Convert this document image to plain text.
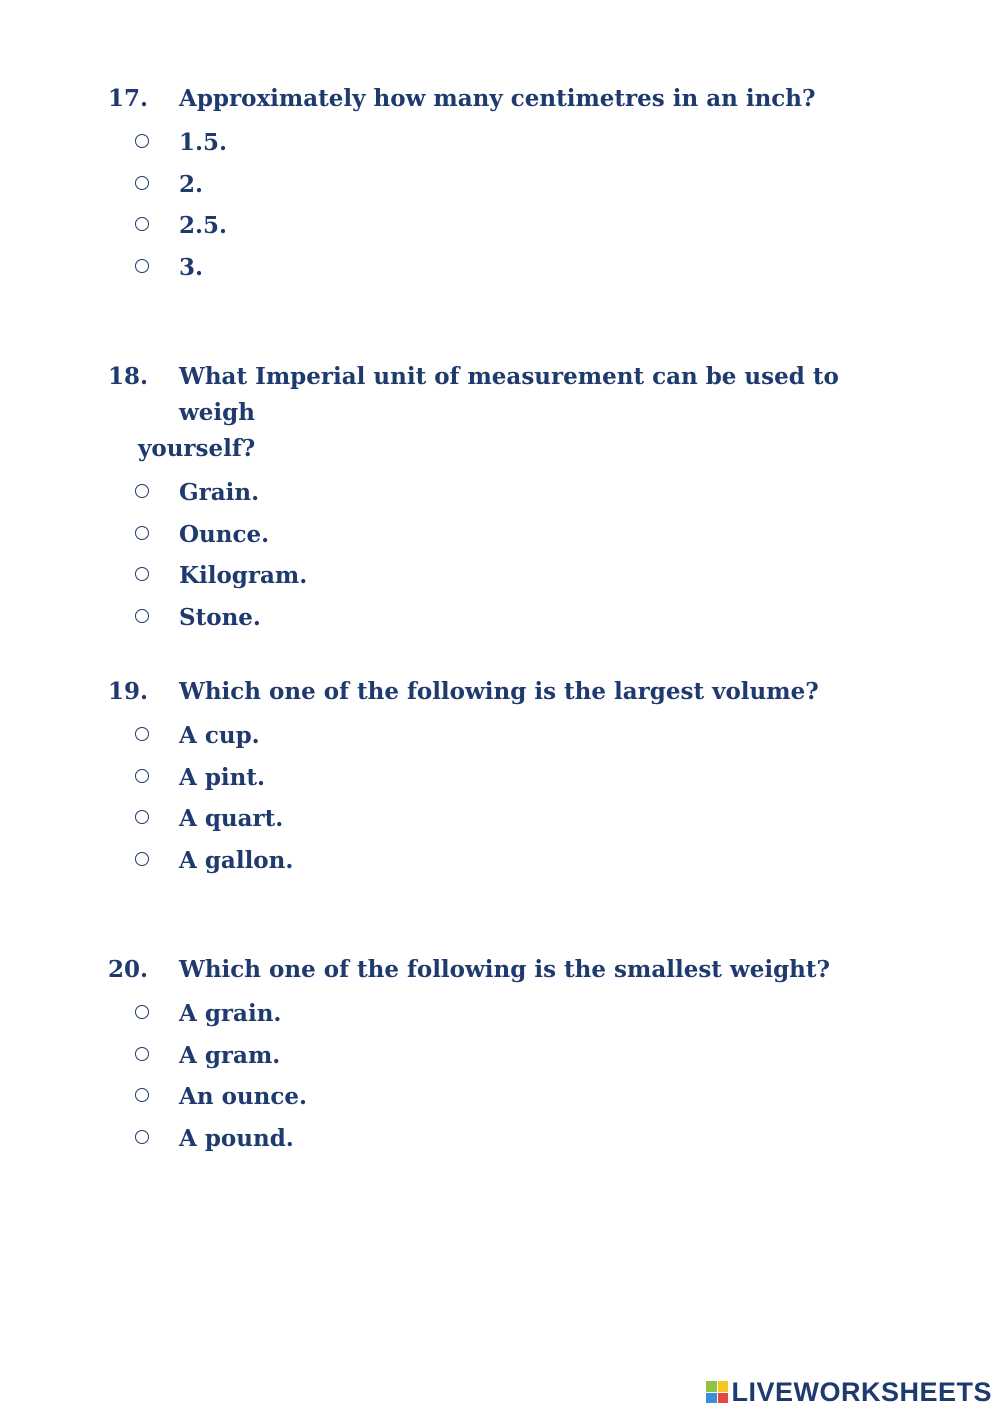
17. Approximately how many centimetres in an inch?
1.5.
2.
2.5.
3.
18. What Imperial unit of measurement can be used to weigh
yourself?
Grain.
Ounce.
Kilogram.
Stone.
19. Which one of the following is the largest volume?
A cup.
A pint.
A quart.
A gallon.
20. Which one of the following is the smallest weight?
A grain.
A gram.
An ounce.
A pound.
LIVEWORKSHEETS
